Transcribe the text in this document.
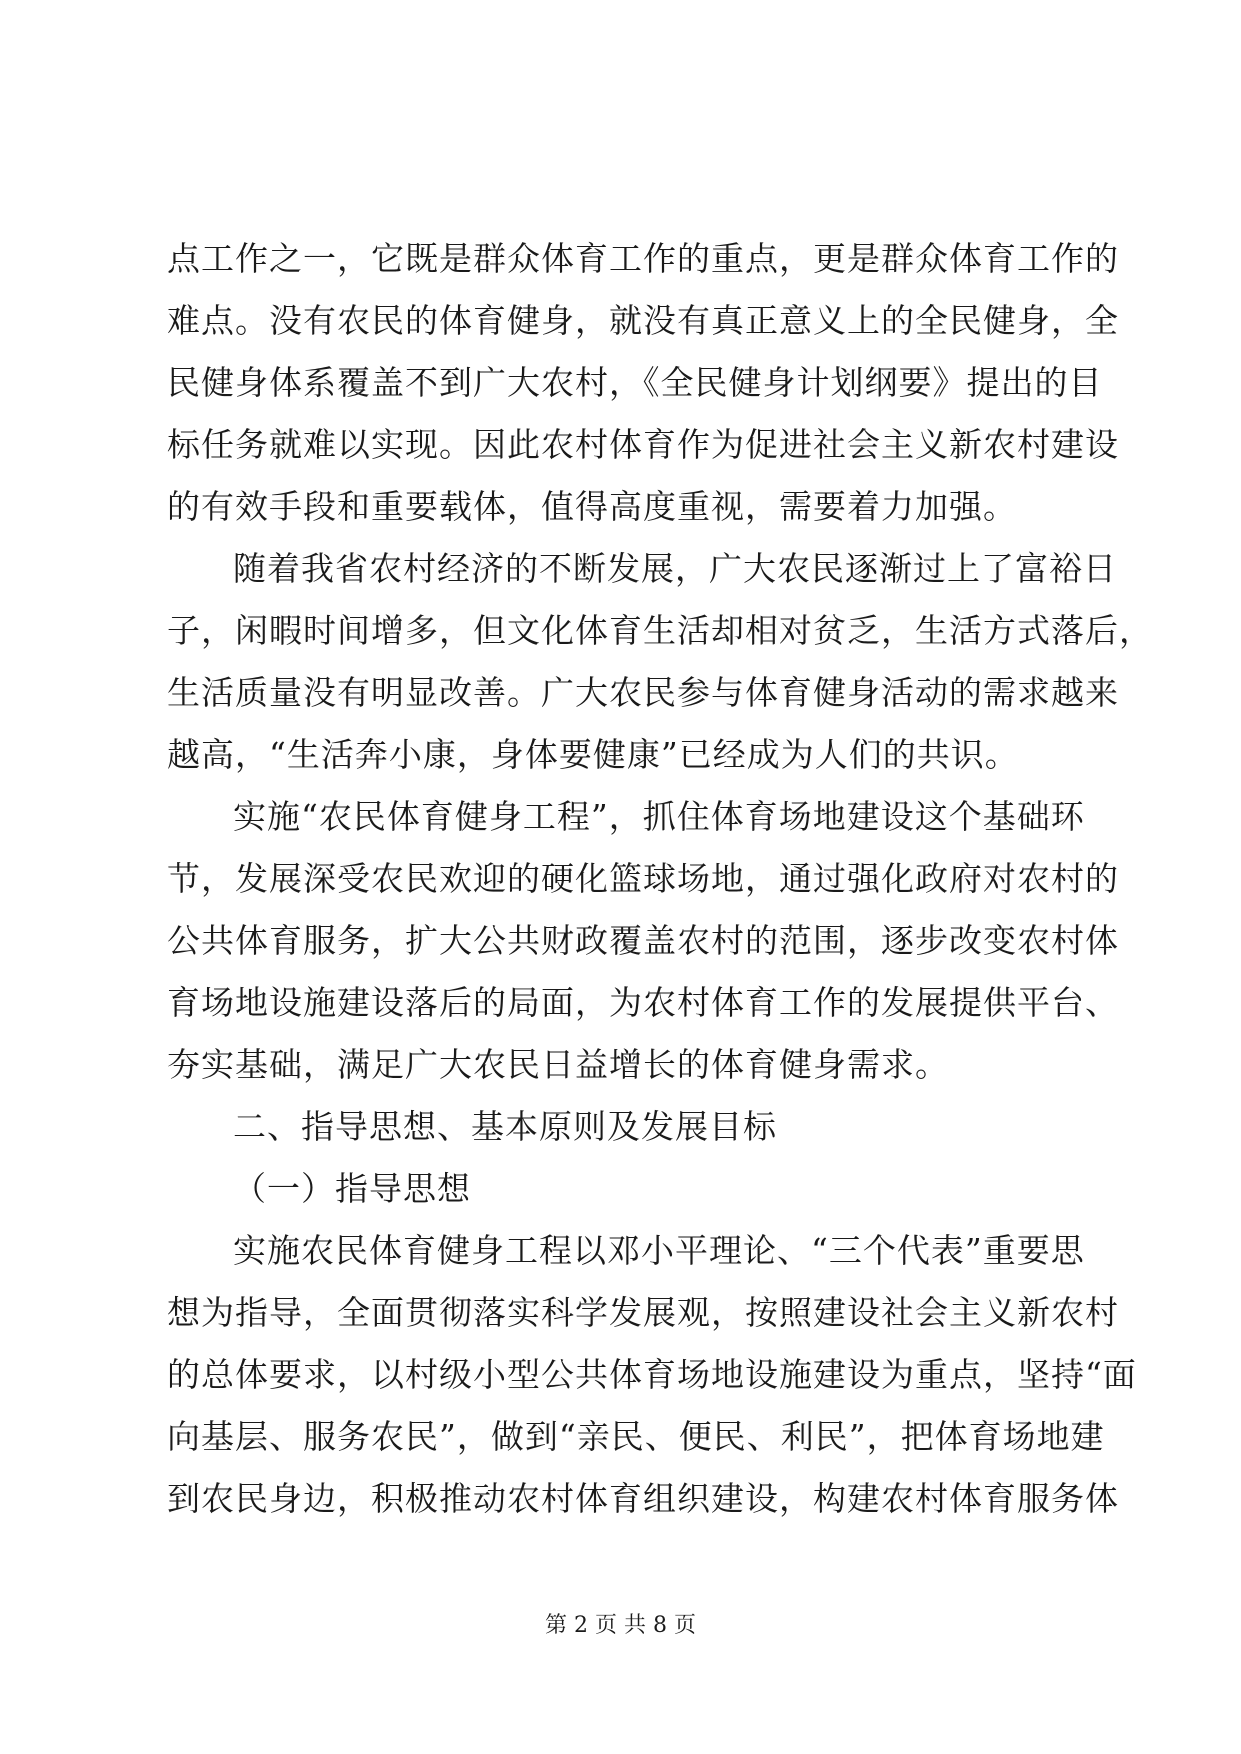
点工作之一，它既是群众体育工作的重点，更是群众体育工作的
难点。没有农民的体育健身，就没有真正意义上的全民健身，全
民健身体系覆盖不到广大农村，《全民健身计划纲要》提出的目
标任务就难以实现。因此农村体育作为促进社会主义新农村建设
的有效手段和重要载体，值得高度重视，需要着力加强。
随着我省农村经济的不断发展，广大农民逐渐过上了富裕日
子，闲暇时间增多，但文化体育生活却相对贫乏，生活方式落后，
生活质量没有明显改善。广大农民参与体育健身活动的需求越来
越高，“生活奔小康，身体要健康”已经成为人们的共识。
实施“农民体育健身工程”，抓住体育场地建设这个基础环
节，发展深受农民欢迎的硬化篮球场地，通过强化政府对农村的
公共体育服务，扩大公共财政覆盖农村的范围，逐步改变农村体
育场地设施建设落后的局面，为农村体育工作的发展提供平台、
夯实基础，满足广大农民日益增长的体育健身需求。
二、指导思想、基本原则及发展目标
（一）指导思想
实施农民体育健身工程以邓小平理论、“三个代表”重要思
想为指导，全面贯彻落实科学发展观，按照建设社会主义新农村
的总体要求，以村级小型公共体育场地设施建设为重点，坚持“面
向基层、服务农民”，做到“亲民、便民、利民”，把体育场地建
到农民身边，积极推动农村体育组织建设，构建农村体育服务体
第 2 页 共 8 页
